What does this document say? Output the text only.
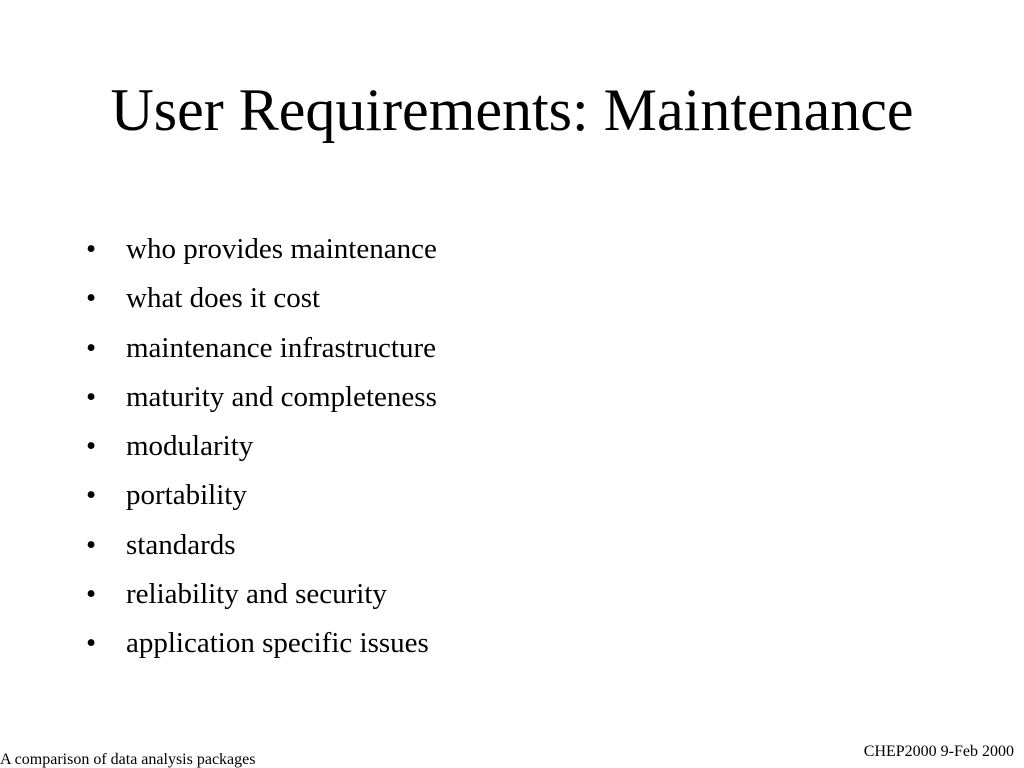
User Requirements: Maintenance
•	who provides maintenance
•	what does it cost
•	maintenance infrastructure
•	maturity and completeness
•	modularity
•	portability
•	standards
•	reliability and security
•	application specific issues
A comparison of data analysis packages	CHEP2000 9-Feb 2000
